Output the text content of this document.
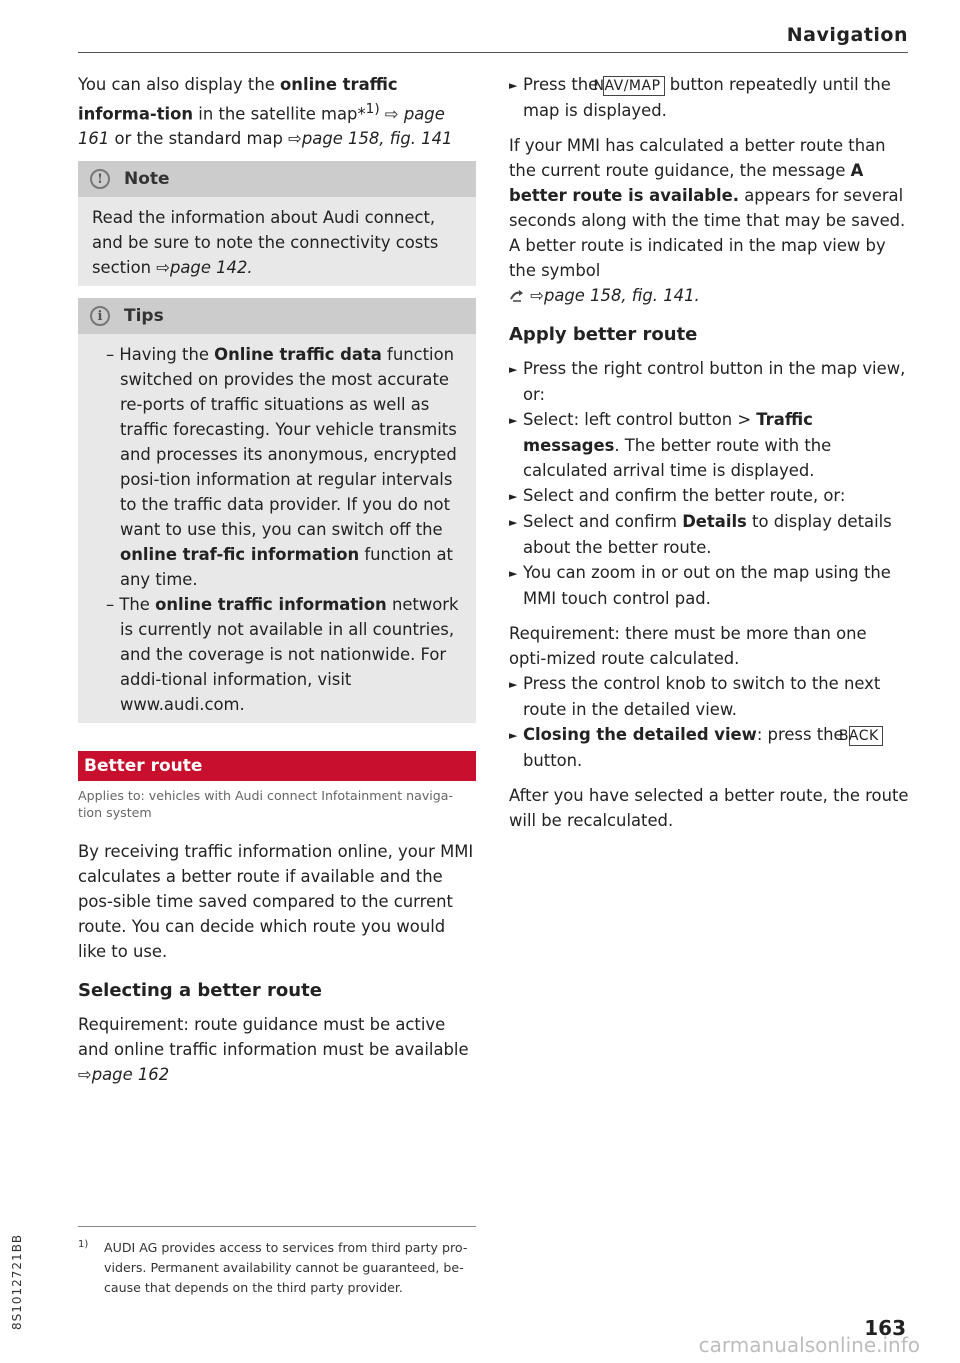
Navigation

You can also display the online traffic informa-tion in the satellite map*$^{1)}$ ⇨ page 161 or the standard map ⇨page 158, fig. 141

!	Note

Read the information about Audi connect, and be sure to note the connectivity costs section ⇨page 142.

i	Tips

– Having the Online traffic data function switched on provides the most accurate re-ports of traffic situations as well as traffic forecasting. Your vehicle transmits and processes its anonymous, encrypted posi-tion information at regular intervals to the traffic data provider. If you do not want to use this, you can switch off the online traf-fic information function at any time.

– The online traffic information network is currently not available in all countries, and the coverage is not nationwide. For addi-tional information, visit www.audi.com.

Better route

Applies to: vehicles with Audi connect Infotainment naviga-tion system

By receiving traffic information online, your MMI calculates a better route if available and the pos-sible time saved compared to the current route. You can decide which route you would like to use.

Selecting a better route

Requirement: route guidance must be active and online traffic information must be available ⇨page 162

► Press the NAV/MAP button repeatedly until the map is displayed.

If your MMI has calculated a better route than the current route guidance, the message A better route is available. appears for several seconds along with the time that may be saved. A better route is indicated in the map view by the symbol
⇨page 158, fig. 141.

Apply better route

► Press the right control button in the map view, or:

► Select: left control button > Traffic messages. The better route with the calculated arrival time is displayed.

► Select and confirm the better route, or:

► Select and confirm Details to display details about the better route.

► You can zoom in or out on the map using the MMI touch control pad.

Requirement: there must be more than one opti-mized route calculated.

► Press the control knob to switch to the next route in the detailed view.

► Closing the detailed view: press the BACK button.

After you have selected a better route, the route will be recalculated.

1)	AUDI AG provides access to services from third party pro-viders. Permanent availability cannot be guaranteed, be-cause that depends on the third party provider.
8S1012721BB	163
carmanualsonline.info
